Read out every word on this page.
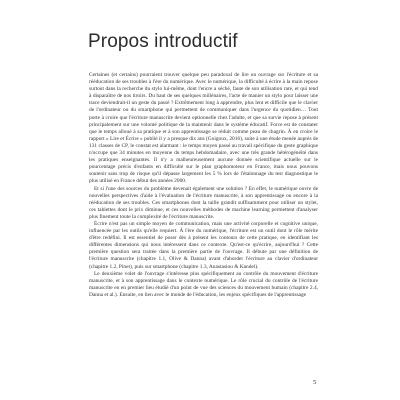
Propos introductif

Certaines (et certains) pourraient trouver quelque peu paradoxal de lire un ouvrage sur l'écriture et sa rééducation de ses troubles à l'ère du numérique. Avec le numérique, la difficulté à écrire à la main repose surtout dans la recherche du stylo lui-même, dont l'encre a séché, faute de son utilisation rare, et qui tend à disparaître de nos tiroirs. Du haut de ses quelques millénaires, l'acte de manier un stylo pour laisser une trace deviendrait-il un geste du passé ? Extrêmement long à apprendre, plus lent et difficile que le clavier de l'ordinateur ou du smartphone qui permettent de communiquer dans l'urgence du quotidien… Tout porte à croire que l'écriture manuscrite devient optionnelle chez l'adulte, et que sa survie repose à présent principalement sur une volonté politique de la maintenir dans le système éducatif. Force est de constater que le temps alloué à sa pratique et à son apprentissage se réduit comme peau de chagrin. À en croire le rapport « Lire et Écrire » publié il y a presque dix ans (Goigoux, 2016), suite à une étude menée auprès de 131 classes de CP, le constat est alarmant : le temps moyen passé au travail spécifique du geste graphique n'occupe que 34 minutes en moyenne du temps hebdomadaire, avec une très grande hétérogénéité dans les pratiques enseignantes. Il n'y a malheureusement aucune donnée scientifique actuelle sur le pourcentage précis d'enfants en difficulté sur le plan graphomoteur en France, mais nous pouvons soutenir sans trop de risque qu'il dépasse largement les 5 % lors de l'étalonnage du test diagnostique le plus utilisé en France début des années 2000.

Et si l'une des sources du problème devenait également une solution ? En effet, le numérique ouvre de nouvelles perspectives d'aide à l'évaluation de l'écriture manuscrite, à son apprentissage ou encore à la rééducation de ses troubles. Ces smartphones dont la taille grandit suffisamment pour utiliser un stylet, ces tablettes dont le prix diminue, et ces nouvelles méthodes de machine learning permettent d'analyser plus finement toute la complexité de l'écriture manuscrite.

Écrire n'est pas un simple moyen de communication, mais une activité corporelle et cognitive unique, influencée par les outils qu'elle requiert. À l'ère du numérique, l'écriture est un outil dont le rôle mérite d'être redéfini. Il est essentiel de poser dès à présent les contours de cette pratique, en identifiant les différentes dimensions qui nous intéressent dans ce contexte. Qu'est-ce qu'écrire, aujourd'hui ? Cette première question sera traitée dans la première partie de l'ouvrage. Il débute par une définition de l'écriture manuscrite (chapitre 1.1, Olive & Danna) avant d'aborder l'écriture au clavier d'ordinateur (chapitre 1.2, Pinet), puis sur smartphone (chapitre 1.3, Anastasiou & Kandel).

Le deuxième volet de l'ouvrage s'intéresse plus spécifiquement au contrôle du mouvement d'écriture manuscrite, et à son apprentissage dans le contexte numérique. Le rôle crucial du contrôle de l'écriture manuscrite en en premier lieu étudié d'un point de vue des sciences du mouvement humain (chapitre 2.4, Danna et al.). Ensuite, en lien avec le monde de l'éducation, les enjeux spécifiques de l'apprentissage

5
